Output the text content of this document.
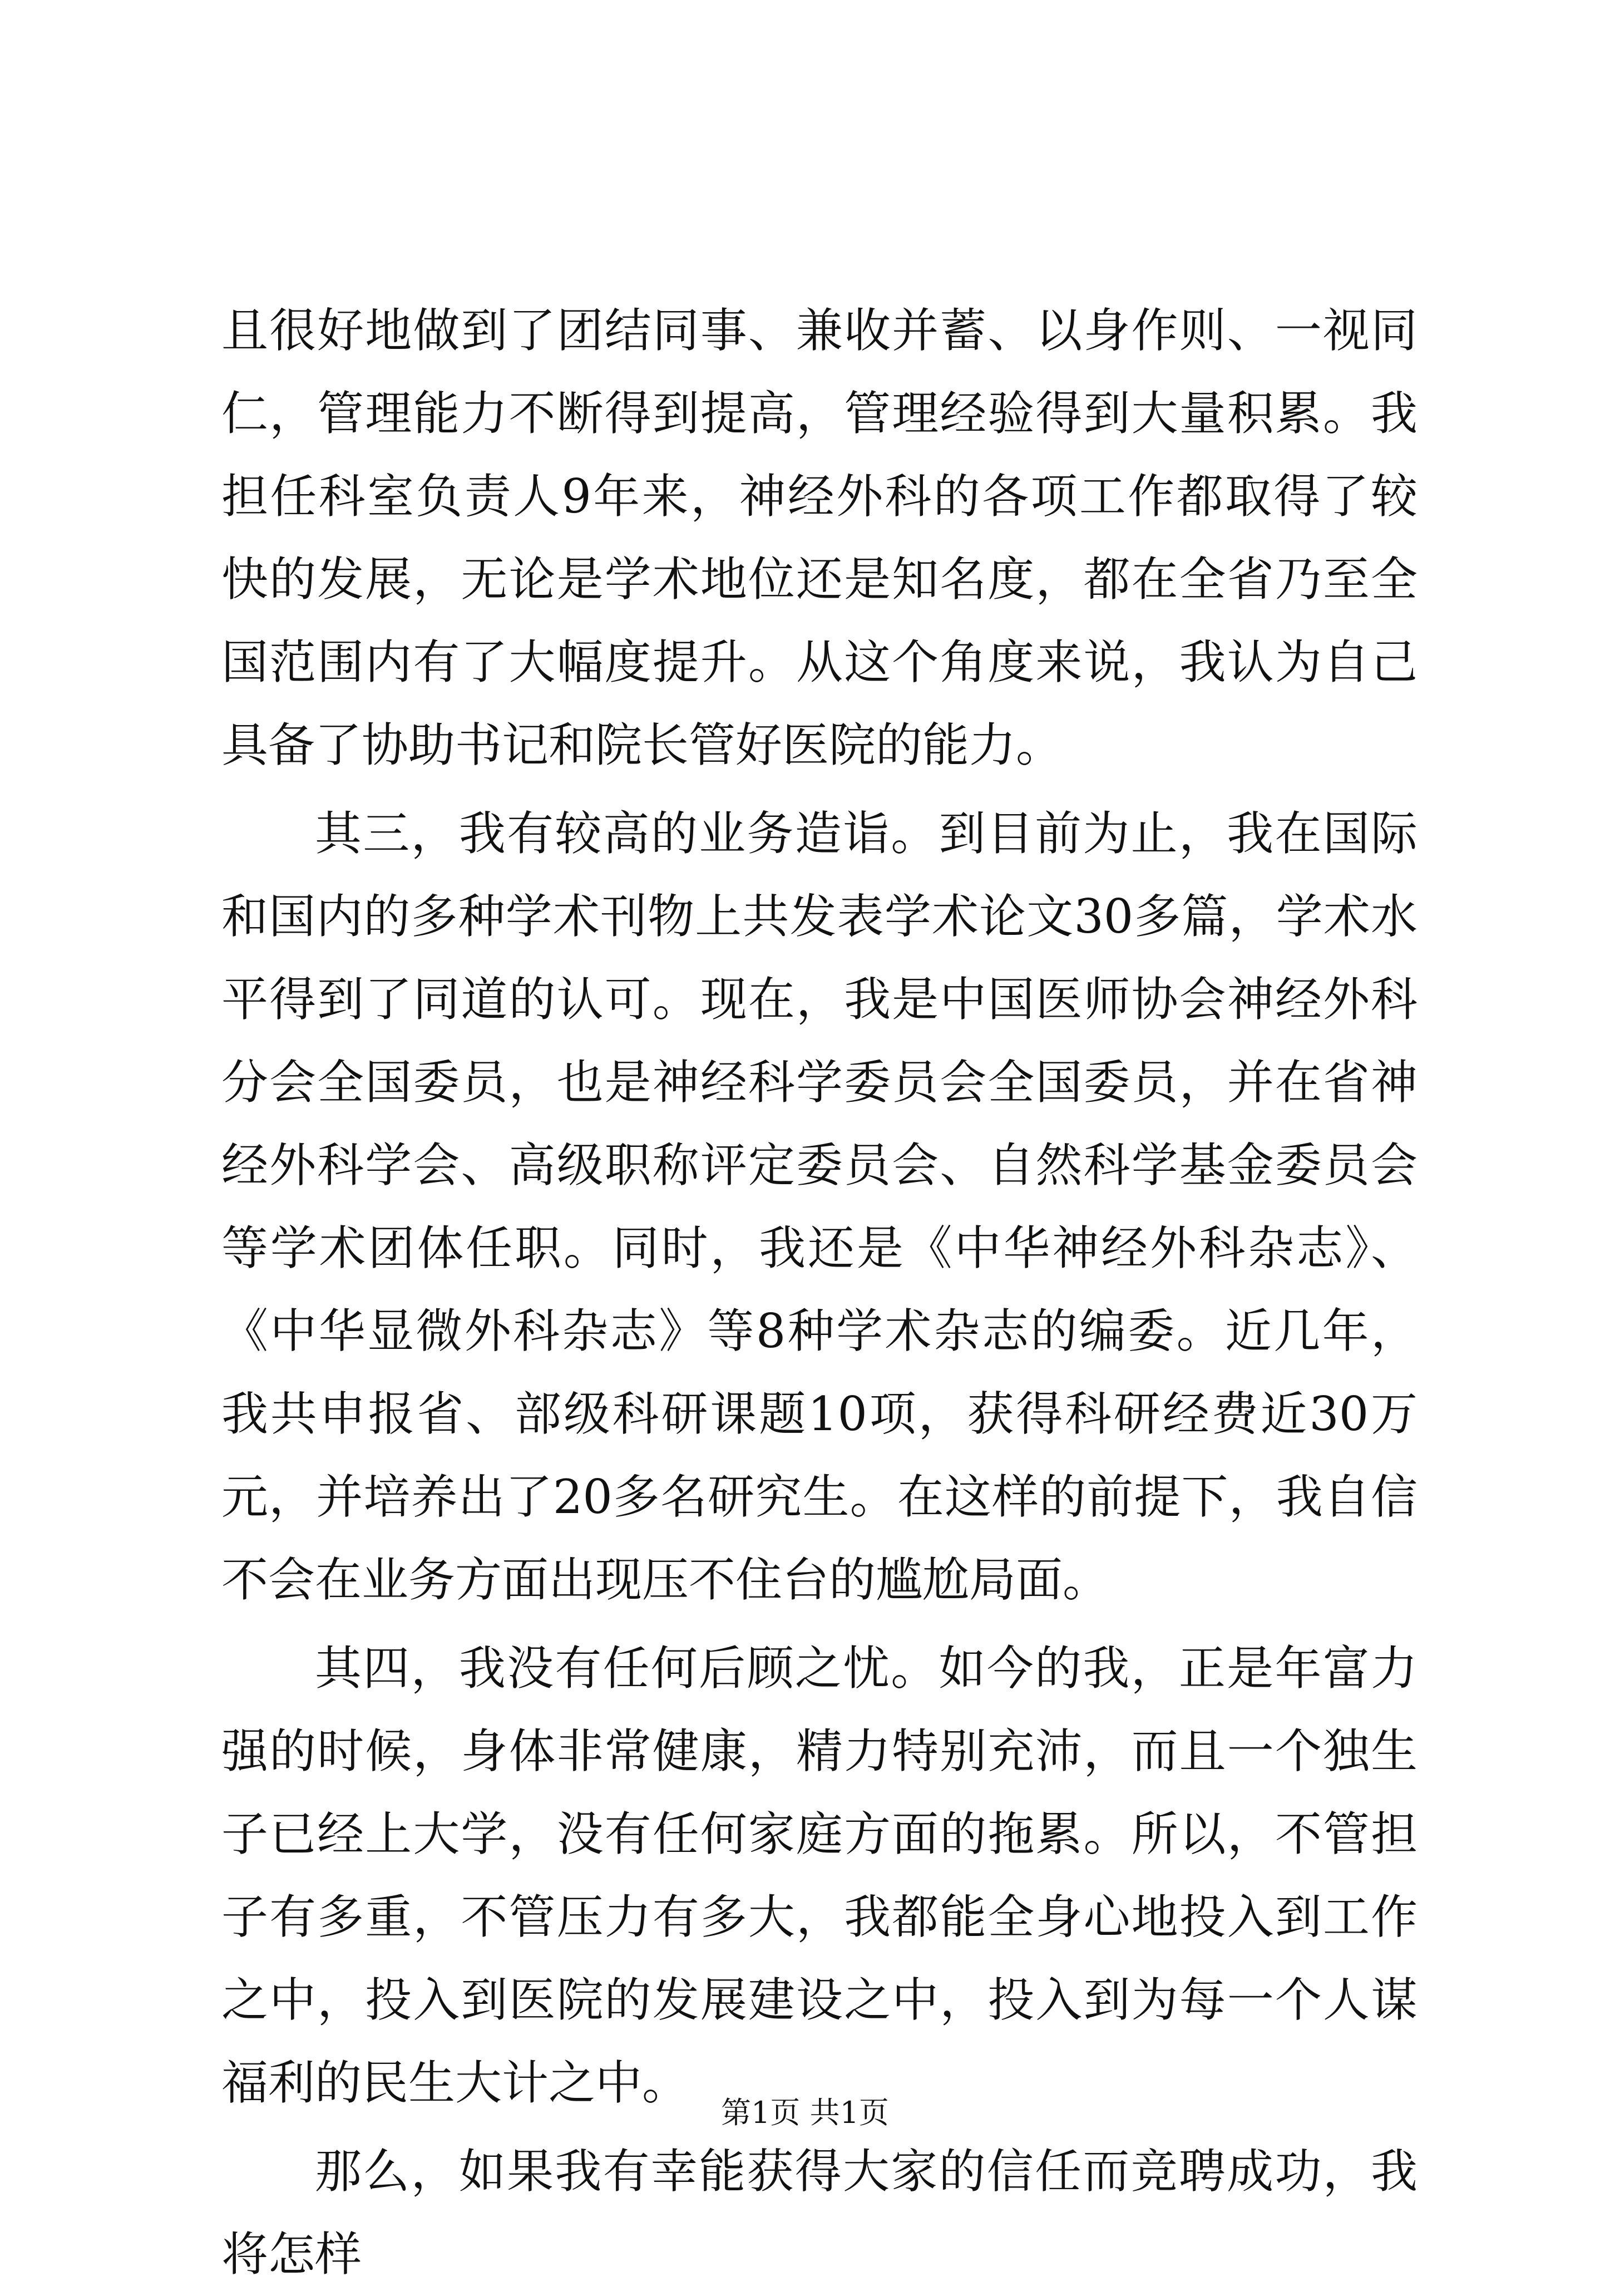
且很好地做到了团结同事、兼收并蓄、以身作则、一视同仁，管理能力不断得到提高，管理经验得到大量积累。我担任科室负责人9年来，神经外科的各项工作都取得了较快的发展，无论是学术地位还是知名度，都在全省乃至全国范围内有了大幅度提升。从这个角度来说，我认为自己具备了协助书记和院长管好医院的能力。

其三，我有较高的业务造诣。到目前为止，我在国际和国内的多种学术刊物上共发表学术论文30多篇，学术水平得到了同道的认可。现在，我是中国医师协会神经外科分会全国委员，也是神经科学委员会全国委员，并在省神经外科学会、高级职称评定委员会、自然科学基金委员会等学术团体任职。同时，我还是《中华神经外科杂志》、《中华显微外科杂志》等8种学术杂志的编委。近几年，我共申报省、部级科研课题10项，获得科研经费近30万元，并培养出了20多名研究生。在这样的前提下，我自信不会在业务方面出现压不住台的尴尬局面。

其四，我没有任何后顾之忧。如今的我，正是年富力强的时候，身体非常健康，精力特别充沛，而且一个独生子已经上大学，没有任何家庭方面的拖累。所以，不管担子有多重，不管压力有多大，我都能全身心地投入到工作之中，投入到医院的发展建设之中，投入到为每一个人谋福利的民生大计之中。

那么，如果我有幸能获得大家的信任而竞聘成功，我将怎样

第1页 共1页
